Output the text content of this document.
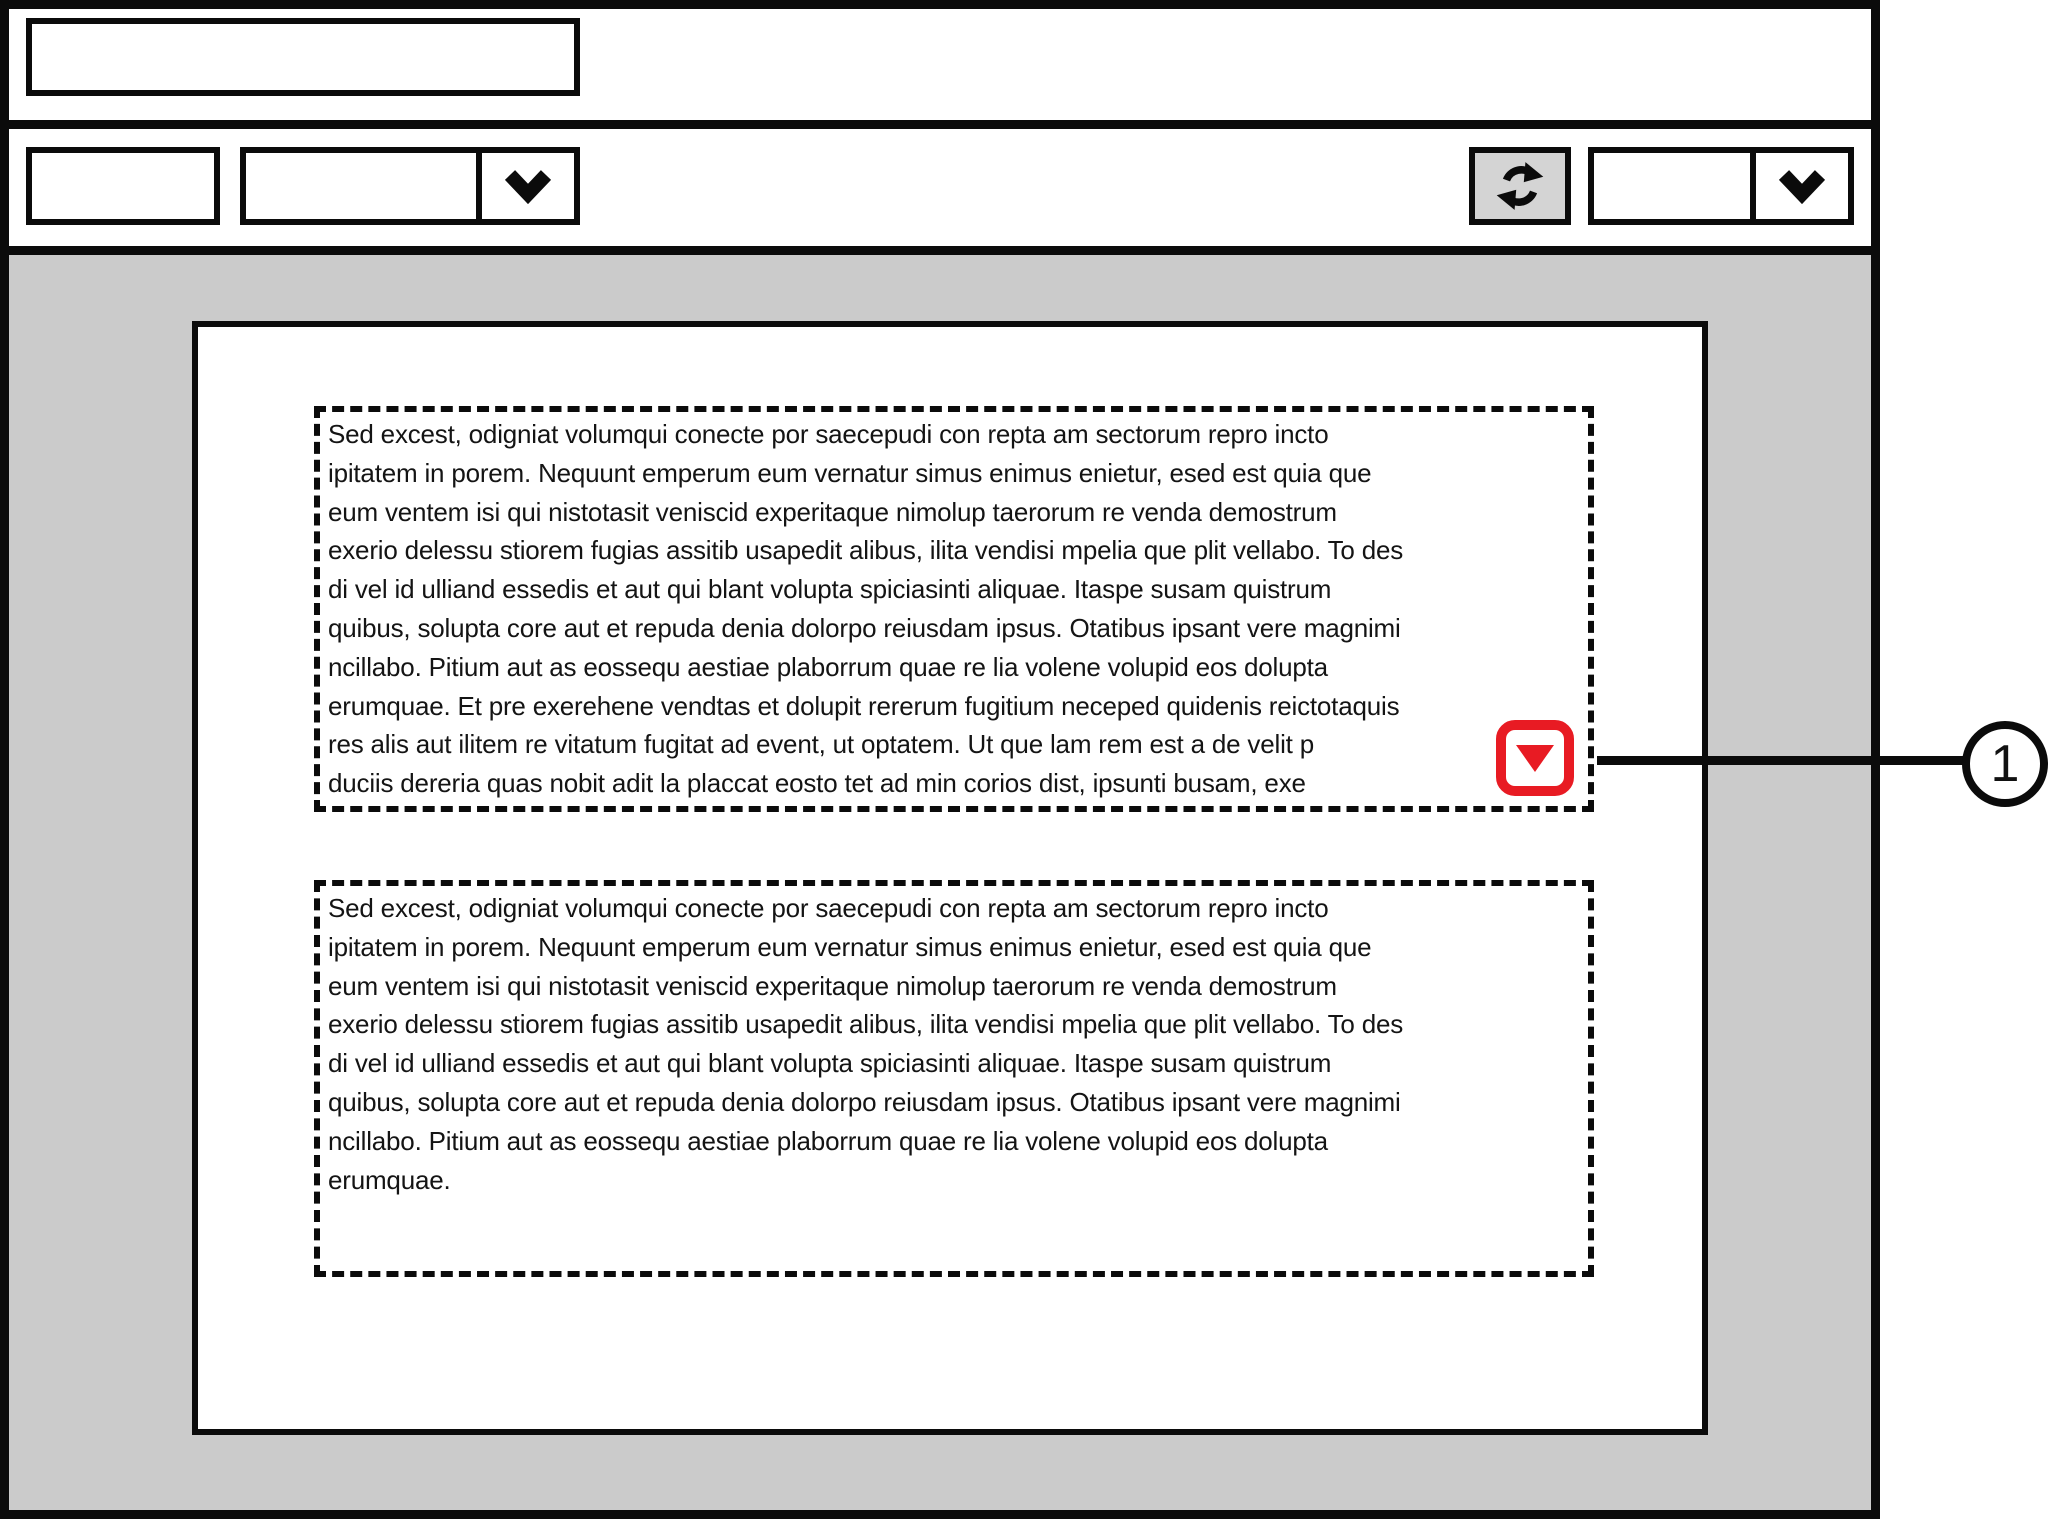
Sed excest, odigniat volumqui conecte por saecepudi con repta am sectorum repro incto
ipitatem in porem. Nequunt emperum eum vernatur simus enimus enietur, esed est quia que
eum ventem isi qui nistotasit veniscid experitaque nimolup taerorum re venda demostrum
exerio delessu stiorem fugias assitib usapedit alibus, ilita vendisi mpelia que plit vellabo. To des
di vel id ulliand essedis et aut qui blant volupta spiciasinti aliquae. Itaspe susam quistrum
quibus, solupta core aut et repuda denia dolorpo reiusdam ipsus. Otatibus ipsant vere magnimi
ncillabo. Pitium aut as eossequ aestiae plaborrum quae re lia volene volupid eos dolupta
erumquae. Et pre exerehene vendtas et dolupit rererum fugitium neceped quidenis reictotaquis
res alis aut ilitem re vitatum fugitat ad event, ut optatem. Ut que lam rem est a de velit p
duciis dereria quas nobit adit la placcat eosto tet ad min corios dist, ipsunti busam, exe
Sed excest, odigniat volumqui conecte por saecepudi con repta am sectorum repro incto
ipitatem in porem. Nequunt emperum eum vernatur simus enimus enietur, esed est quia que
eum ventem isi qui nistotasit veniscid experitaque nimolup taerorum re venda demostrum
exerio delessu stiorem fugias assitib usapedit alibus, ilita vendisi mpelia que plit vellabo. To des
di vel id ulliand essedis et aut qui blant volupta spiciasinti aliquae. Itaspe susam quistrum
quibus, solupta core aut et repuda denia dolorpo reiusdam ipsus. Otatibus ipsant vere magnimi
ncillabo. Pitium aut as eossequ aestiae plaborrum quae re lia volene volupid eos dolupta
erumquae.
1
